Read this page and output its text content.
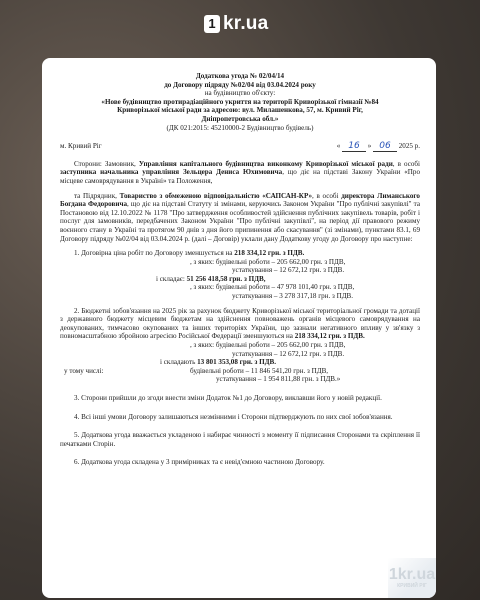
1 kr.ua
Додаткова угода № 02/04/14
до Договору підряду №02/04 від 03.04.2024 року
на будівництво об'єкту:
«Нове будівництво протирадіаційного укриття на території Криворізької гімназії №84
Криворізької міської ради за адресою: вул. Милашенкова, 57, м. Кривий Ріг,
Дніпропетровська обл.»
(ДК 021:2015: 45210000-2 Будівництво будівель)
м. Кривий Ріг	« 16	» 06	2025 р.

Сторони: Замовник, Управління капітального будівництва виконкому Криворізької міської ради, в особі заступника начальника управління Зельцера Дениса Юхимовича, що діє на підставі Закону України «Про місцеве самоврядування в Україні» та Положення,

та Підрядник, Товариство з обмеженою відповідальністю «САПСАН-КР», в особі директора Лиманського Богдана Федоровича, що діє на підставі Статуту зі змінами, керуючись Законом України "Про публічні закупівлі" та Постановою від 12.10.2022 № 1178 "Про затвердження особливостей здійснення публічних закупівель товарів, робіт і послуг для замовників, передбачених Законом України "Про публічні закупівлі", на період дії правового режиму воєнного стану в Україні та протягом 90 днів з дня його припинення або скасування" (зі змінами), пунктами 83.1, 69 Договору підряду №02/04 від 03.04.2024 р. (далі – Договір) уклали дану Додаткову угоду до Договору про наступне:

1. Договірна ціна робіт по Договору зменшується на 218 334,12 грн. з ПДВ.
, з яких: будівельні роботи – 205 662,00 грн. з ПДВ,
устаткування – 12 672,12 грн. з ПДВ.
і складає: 51 256 418,58 грн. з ПДВ,
, з яких: будівельні роботи – 47 978 101,40 грн. з ПДВ,
устаткування – 3 278 317,18 грн. з ПДВ.

2. Бюджетні зобов'язання на 2025 рік за рахунок бюджету Криворізької міської територіальної громади та дотації з державного бюджету місцевим бюджетам на здійснення повноважень органів місцевого самоврядування на деокупованих, тимчасово окупованих та інших територіях України, що зазнали негативного впливу у зв'язку з повномасштабною збройною агресією Російської Федерації зменшуються на 218 334,12 грн. з ПДВ.

, з яких: будівельні роботи – 205 662,00 грн. з ПДВ,
устаткування – 12 672,12 грн. з ПДВ.
і складають 13 801 353,08 грн. з ПДВ.
у тому числі:	будівельні роботи – 11 846 541,20 грн. з ПДВ,
устаткування – 1 954 811,88 грн. з ПДВ.»

3. Сторони прийшли до згоди внести зміни Додаток №1 до Договору, виклавши його у новій редакції.

4. Всі інші умови Договору залишаються незмінними і Сторони підтверджують по них свої зобов'язання.

5. Додаткова угода вважається укладеною і набирає чинності з моменту її підписання Сторонами та скріплення її печатками Сторін.

6. Додаткова угода складена у 3 примірниках та є невід'ємною частиною Договору.

1kr.ua
КРИВИЙ РІГ
